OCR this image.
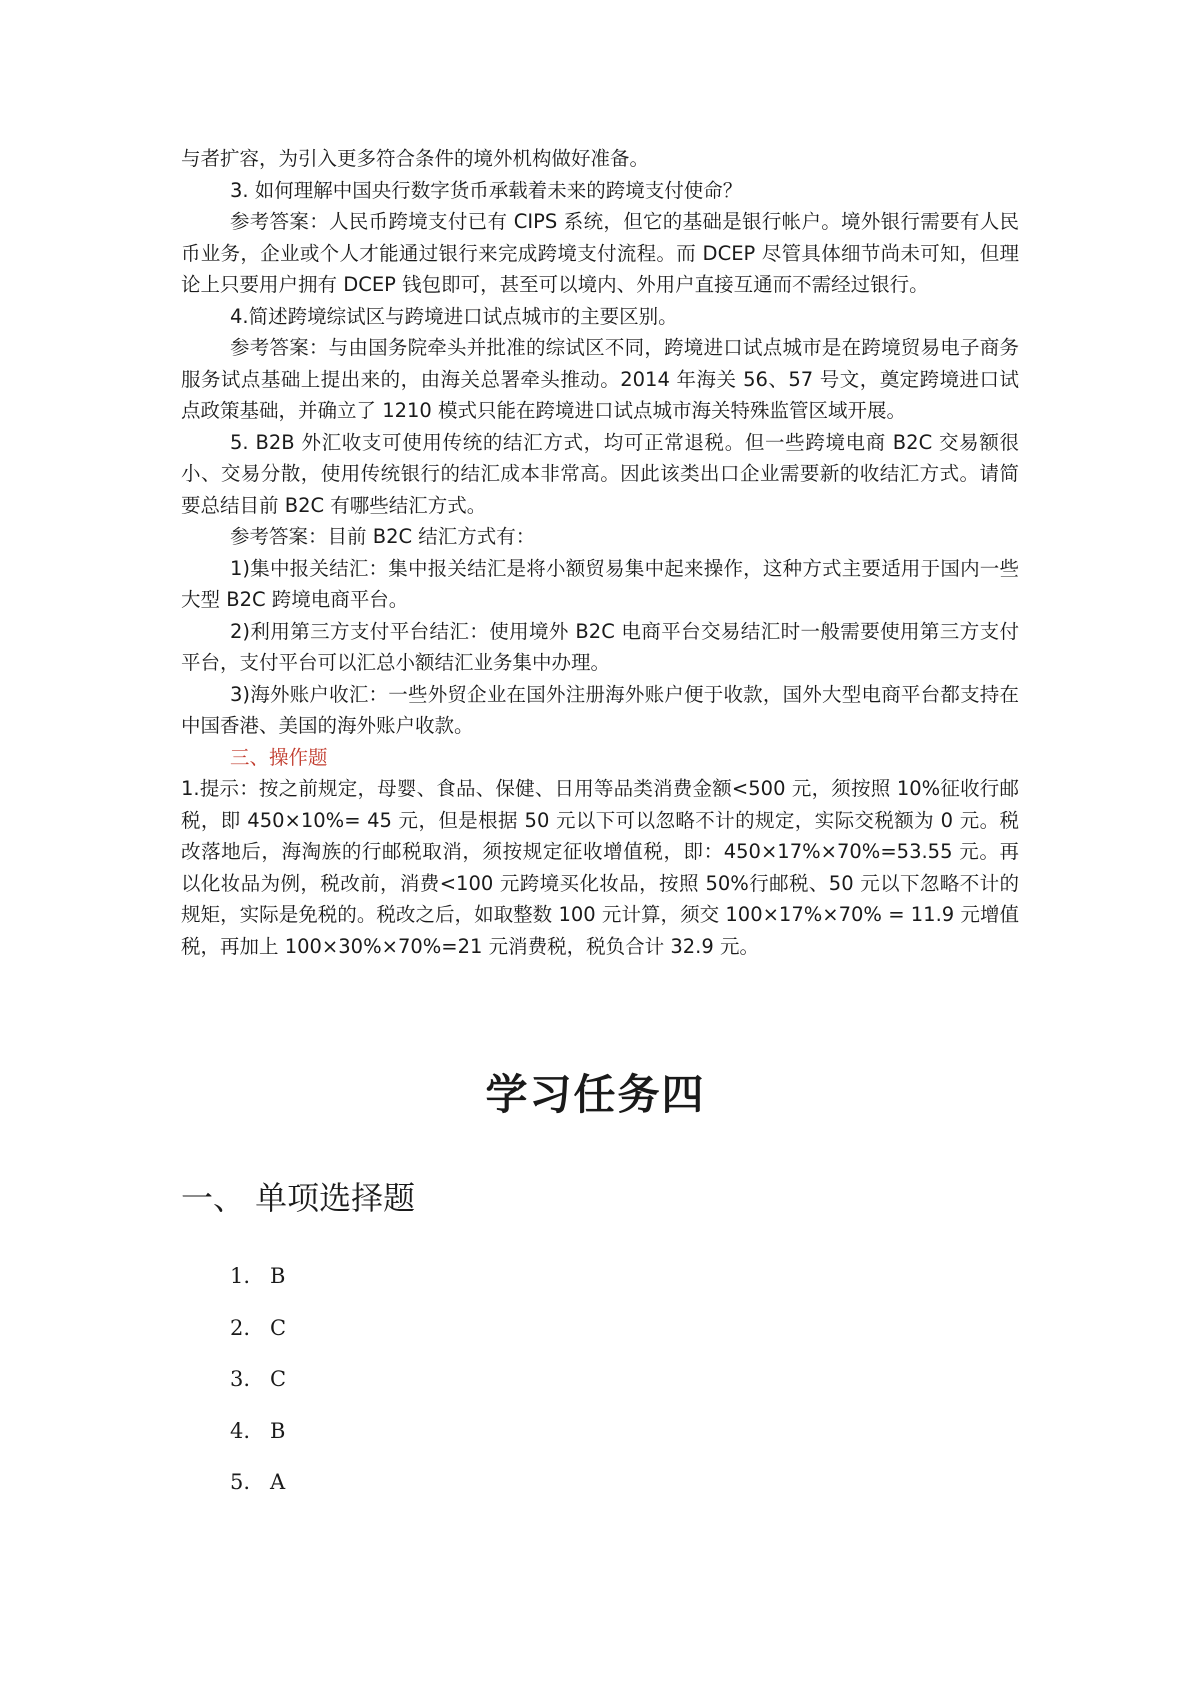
与者扩容，为引入更多符合条件的境外机构做好准备。

3. 如何理解中国央行数字货币承载着未来的跨境支付使命？

参考答案：人民币跨境支付已有 CIPS 系统，但它的基础是银行帐户。境外银行需要有人民币业务，企业或个人才能通过银行来完成跨境支付流程。而 DCEP 尽管具体细节尚未可知，但理论上只要用户拥有 DCEP 钱包即可，甚至可以境内、外用户直接互通而不需经过银行。

4.简述跨境综试区与跨境进口试点城市的主要区别。

参考答案：与由国务院牵头并批准的综试区不同，跨境进口试点城市是在跨境贸易电子商务服务试点基础上提出来的，由海关总署牵头推动。2014 年海关 56、57 号文，奠定跨境进口试点政策基础，并确立了 1210 模式只能在跨境进口试点城市海关特殊监管区域开展。

5. B2B 外汇收支可使用传统的结汇方式，均可正常退税。但一些跨境电商 B2C 交易额很小、交易分散，使用传统银行的结汇成本非常高。因此该类出口企业需要新的收结汇方式。请简要总结目前 B2C 有哪些结汇方式。

参考答案：目前 B2C 结汇方式有：

1)集中报关结汇：集中报关结汇是将小额贸易集中起来操作，这种方式主要适用于国内一些大型 B2C 跨境电商平台。

2)利用第三方支付平台结汇：使用境外 B2C 电商平台交易结汇时一般需要使用第三方支付平台，支付平台可以汇总小额结汇业务集中办理。

3)海外账户收汇：一些外贸企业在国外注册海外账户便于收款，国外大型电商平台都支持在中国香港、美国的海外账户收款。

三、操作题

1.提示：按之前规定，母婴、食品、保健、日用等品类消费金额<500 元，须按照 10%征收行邮税，即 450×10%= 45 元，但是根据 50 元以下可以忽略不计的规定，实际交税额为 0 元。税改落地后，海淘族的行邮税取消，须按规定征收增值税，即：450×17%×70%=53.55 元。再以化妆品为例，税改前，消费<100 元跨境买化妆品，按照 50%行邮税、50 元以下忽略不计的规矩，实际是免税的。税改之后，如取整数 100 元计算，须交 100×17%×70% = 11.9 元增值税，再加上 100×30%×70%=21 元消费税，税负合计 32.9 元。

学习任务四
一、 单项选择题
1. B
2. C
3. C
4. B
5. A
